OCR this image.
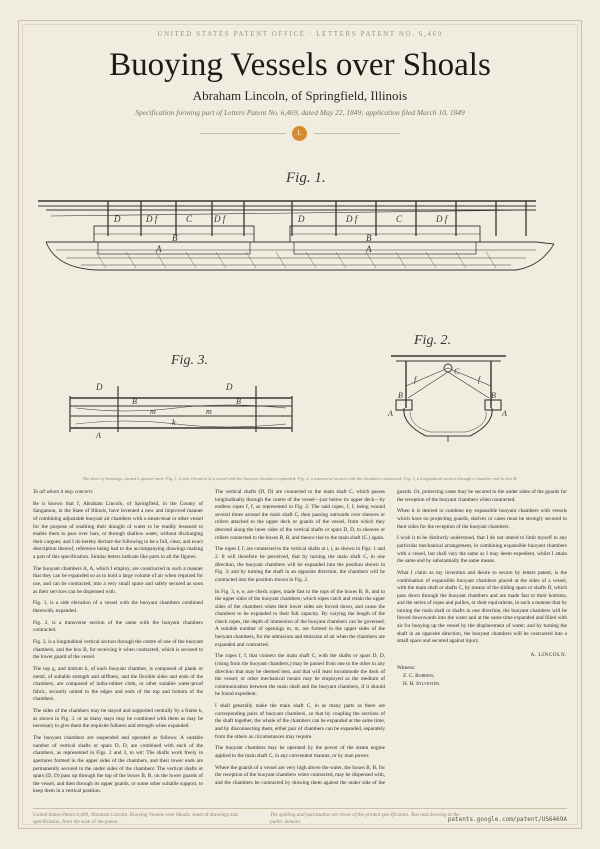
UNITED STATES PATENT OFFICE · LETTERS PATENT NO. 6,469
Buoying Vessels over Shoals
Abraham Lincoln, of Springfield, Illinois
Specification forming part of Letters Patent No. 6,469, dated May 22, 1849; application filed March 10, 1849
L
Fig. 1.
D	D f	C D f	D	D f	C	D f
B	B
A	A
Fig. 3.
D	D
B	B
m	m
k
A
Fig. 2.
B	B
C
f	f
A	A
The sheet of drawings, turned a quarter-turn: Fig. 1, a side elevation of a vessel with the buoyant chambers expanded; Fig. 2, a transverse section with the chambers contracted; Fig. 3, a longitudinal section through a chamber and its box B.

To all whom it may concern:

Be it known that I, Abraham Lincoln, of Springfield, in the County of Sangamon, in the State of Illinois, have invented a new and improved manner of combining adjustable buoyant air chambers with a steam-boat or other vessel for the purpose of enabling their draught of water to be readily lessened to enable them to pass over bars, or through shallow water, without discharging their cargoes; and I do hereby declare the following to be a full, clear, and exact description thereof, reference being had to the accompanying drawings making a part of this specification. Similar letters indicate like parts in all the figures.

The buoyant chambers A, A, which I employ, are constructed in such a manner that they can be expanded so as to hold a large volume of air when required for use, and can be contracted, into a very small space and safely secured as soon as their services can be dispensed with.

Fig. 1, is a side elevation of a vessel with the buoyant chambers combined therewith, expanded.

Fig. 2, is a transverse section of the same with the buoyant chambers contracted.

Fig. 3, is a longitudinal vertical section through the centre of one of the buoyant chambers, and the box B, for receiving it when contracted, which is secured to the lower guard of the vessel.

The top g, and bottom h, of each buoyant chamber, is composed of plank or metal, of suitable strength and stiffness, and the flexible sides and ends of the chambers, are composed of india-rubber cloth, or other suitable water-proof fabric, securely united to the edges and ends of the top and bottom of the chambers.

The sides of the chambers may be stayed and supported centrally by a frame k, as shown in Fig. 3. or as many stays may be combined with them as may be necessary to give them the requisite fullness and strength when expanded.

The buoyant chambers are suspended and operated as follows: A suitable number of vertical shafts or spars D, D, are combined with each of the chambers, as represented in Figs. 2 and 3, to wit: The shafts work freely in apertures formed in the upper sides of the chambers, and their lower ends are permanently secured to the under sides of the chambers: The vertical shafts or spars (D, D) pass up through the top of the boxes B, B, on the lower guards of the vessel, and then through its upper guards, or some other suitable support, to keep them in a vertical position.

The vertical shafts (D, D) are connected to the main shaft C, which passes longitudinally through the centre of the vessel—just below its upper deck—by endless ropes f, f, as represented in Fig. 2: The said ropes, f, f, being wound several times around the main shaft C, then passing outwards over sheaves or rollers attached to the upper deck or guards of the vessel, from which they descend along the inner sides of the vertical shafts or spars D, D, to sheaves or rollers connected to the boxes B, B, and thence rise to the main shaft (C.) again.

The ropes f, f, are connected to the vertical shafts at i, i, as shown in Figs. 1 and 2. It will therefore be perceived, that by turning the main shaft C, in one direction, the buoyant chambers will be expanded into the position shown in Fig. 3; and by turning the shaft in an opposite direction, the chambers will be contracted into the position shown in Fig. 2.

In Fig. 3, e, e, are check ropes, made fast to the tops of the boxes B, B, and to the upper sides of the buoyant chambers; which ropes catch and retain the upper sides of the chambers when their lower sides are forced down, and cause the chambers to be expanded to their full capacity. By varying the length of the check ropes, the depth of immersion of the buoyant chambers can be governed. A suitable number of openings m, m, are formed in the upper sides of the buoyant chambers, for the admission and emission of air when the chambers are expanded and contracted.

The ropes f, f, that connect the main shaft C, with the shafts or spars D, D, (rising from the buoyant chambers,) may be passed from one to the other in any direction that may be deemed best, and that will least incommode the deck of the vessel; or other mechanical means may be employed as the medium of communication between the main shaft and the buoyant chambers, if it should be found expedient.

I shall generally make the main shaft C, in as many parts as there are corresponding pairs of buoyant chambers, so that by coupling the sections of the shaft together, the whole of the chambers can be expanded at the same time, and by disconnecting them, either pair of chambers can be expanded, separately from the others as circumstances may require.

The buoyant chambers may be operated by the power of the steam engine applied to the main shaft C, in any convenient manner, or by man power.

Where the guards of a vessel are very high above the water, the boxes B, B, for the reception of the buoyant chambers when contracted, may be dispensed with, and the chambers be contracted by drawing them against the under side of the guards. Or, protecting cases may be secured to the under sides of the guards for the reception of the buoyant chambers when contracted.

When it is desired to combine my expansible buoyant chambers with vessels which have no projecting guards, shelves or cases must be strongly secured to their sides for the reception of the buoyant chambers.

I wish it to be distinctly understood, that I do not intend to limit myself to any particular mechanical arrangement, in combining expansible buoyant chambers with a vessel, but shall vary the same as I may deem expedient, whilst I attain the same end by substantially the same means.

What I claim as my invention and desire to secure by letters patent, is the combination of expansible buoyant chambers placed at the sides of a vessel, with the main shaft or shafts C, by means of the sliding spars or shafts D, which pass down through the buoyant chambers and are made fast to their bottoms, and the series of ropes and pullies, or their equivalents, in such a manner that by turning the main shaft or shafts in one direction, the buoyant chambers will be forced downwards into the water and at the same time expanded and filled with air for buoying up the vessel by the displacement of water; and by turning the shaft in an opposite direction, the buoyant chambers will be contracted into a small space and secured against injury.

A. LINCOLN.

Witness:

Z. C. Robbins,

H. H. Sylvester.

United States Patent 6,469, Abraham Lincoln, Buoying Vessels over Shoals. sheet of drawings and specification, from the scan of the patent.
The spelling and punctuation are those of the printed specification. Text and drawing in the public domain.	patents.google.com/patent/US6469A
